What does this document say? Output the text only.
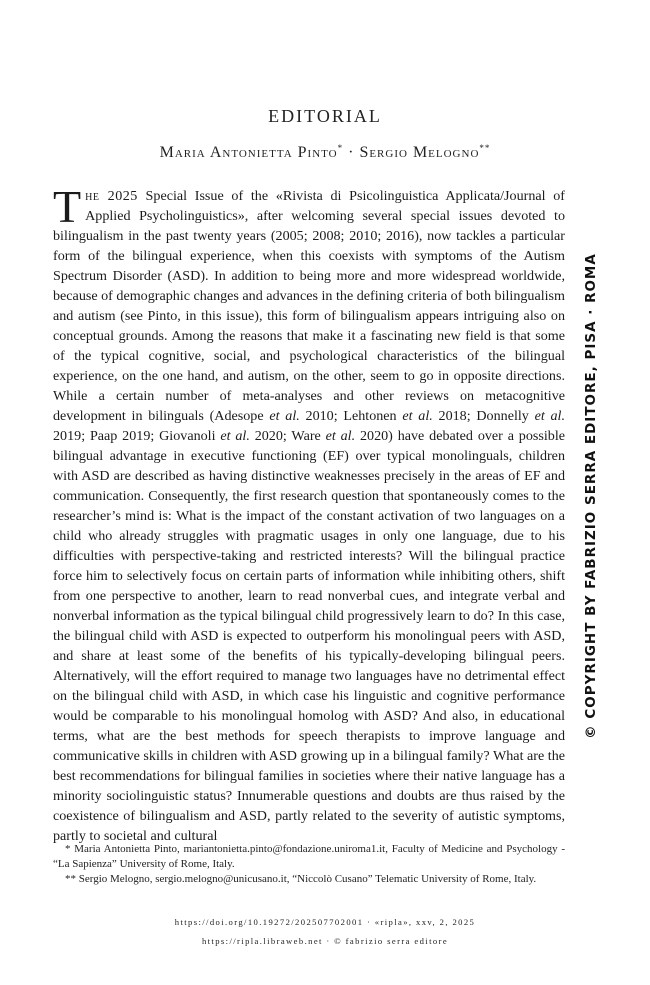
EDITORIAL
Maria Antonietta Pinto* · Sergio Melogno**
The 2025 Special Issue of the «Rivista di Psicolinguistica Applicata/Journal of Applied Psycholinguistics», after welcoming several special issues devoted to bilingualism in the past twenty years (2005; 2008; 2010; 2016), now tackles a particular form of the bilingual experience, when this coexists with symptoms of the Autism Spectrum Disorder (ASD). In addition to being more and more widespread worldwide, because of demographic changes and advances in the defining criteria of both bilingualism and autism (see Pinto, in this issue), this form of bilingualism appears intriguing also on conceptual grounds. Among the reasons that make it a fascinating new field is that some of the typical cognitive, social, and psychological characteristics of the bilingual experience, on the one hand, and autism, on the other, seem to go in opposite directions. While a certain number of meta-analyses and other reviews on metacognitive development in bilinguals (Adesope et al. 2010; Lehtonen et al. 2018; Donnelly et al. 2019; Paap 2019; Giovanoli et al. 2020; Ware et al. 2020) have debated over a possible bilingual advantage in executive functioning (EF) over typical monolinguals, children with ASD are described as having distinctive weaknesses precisely in the areas of EF and communication. Consequently, the first research question that spontaneously comes to the researcher’s mind is: What is the impact of the constant activation of two languages on a child who already struggles with pragmatic usages in only one language, due to his difficulties with perspective-taking and restricted interests? Will the bilingual practice force him to selectively focus on certain parts of information while inhibiting others, shift from one perspective to another, learn to read nonverbal cues, and integrate verbal and nonverbal information as the typical bilingual child progressively learn to do? In this case, the bilingual child with ASD is expected to outperform his monolingual peers with ASD, and share at least some of the benefits of his typically-developing bilingual peers. Alternatively, will the effort required to manage two languages have no detrimental effect on the bilingual child with ASD, in which case his linguistic and cognitive performance would be comparable to his monolingual homolog with ASD? And also, in educational terms, what are the best methods for speech therapists to improve language and communicative skills in children with ASD growing up in a bilingual family? What are the best recommendations for bilingual families in societies where their native language has a minority sociolinguistic status? Innumerable questions and doubts are thus raised by the coexistence of bilingualism and ASD, partly related to the severity of autistic symptoms, partly to societal and cultural

* Maria Antonietta Pinto, mariantonietta.pinto@fondazione.uniroma1.it, Faculty of Medicine and Psychology - “La Sapienza” University of Rome, Italy.

** Sergio Melogno, sergio.melogno@unicusano.it, “Niccolò Cusano” Telematic University of Rome, Italy.

https://doi.org/10.19272/202507702001 · «ripla», xxv, 2, 2025
https://ripla.libraweb.net · © fabrizio serra editore
© COPYRIGHT BY FABRIZIO SERRA EDITORE, PISA · ROMA
